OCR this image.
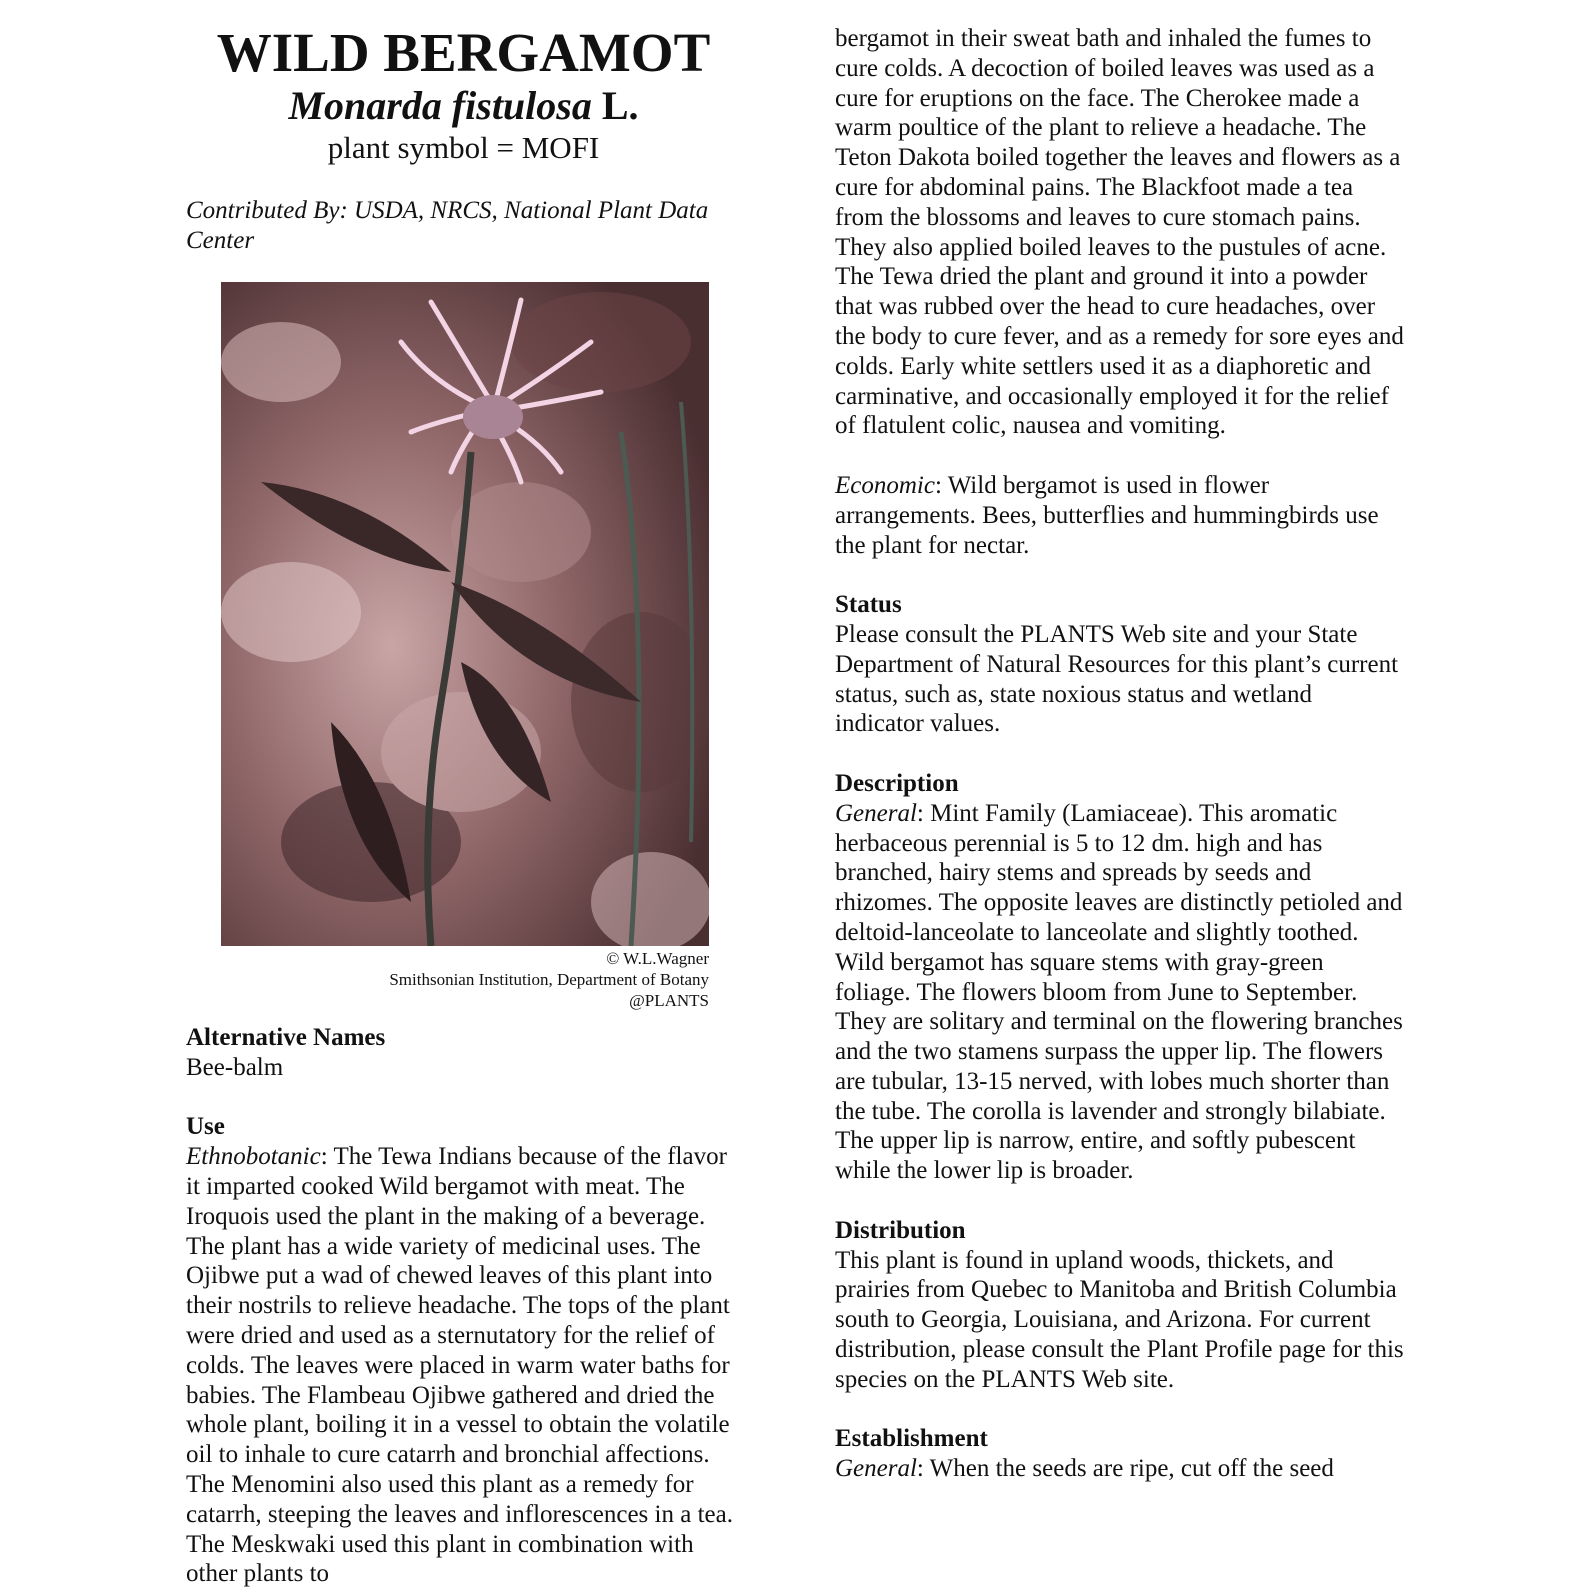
WILD BERGAMOT
Monarda fistulosa L.
plant symbol = MOFI
Contributed By: USDA, NRCS, National Plant Data Center
© W.L.Wagner
Smithsonian Institution, Department of Botany
@PLANTS
Alternative Names

Bee-balm

Use

Ethnobotanic: The Tewa Indians because of the flavor it imparted cooked Wild bergamot with meat. The Iroquois used the plant in the making of a beverage. The plant has a wide variety of medicinal uses. The Ojibwe put a wad of chewed leaves of this plant into their nostrils to relieve headache. The tops of the plant were dried and used as a sternutatory for the relief of colds. The leaves were placed in warm water baths for babies. The Flambeau Ojibwe gathered and dried the whole plant, boiling it in a vessel to obtain the volatile oil to inhale to cure catarrh and bronchial affections. The Menomini also used this plant as a remedy for catarrh, steeping the leaves and inflorescences in a tea. The Meskwaki used this plant in combination with other plants to

bergamot in their sweat bath and inhaled the fumes to cure colds. A decoction of boiled leaves was used as a cure for eruptions on the face. The Cherokee made a warm poultice of the plant to relieve a headache. The Teton Dakota boiled together the leaves and flowers as a cure for abdominal pains. The Blackfoot made a tea from the blossoms and leaves to cure stomach pains. They also applied boiled leaves to the pustules of acne. The Tewa dried the plant and ground it into a powder that was rubbed over the head to cure headaches, over the body to cure fever, and as a remedy for sore eyes and colds. Early white settlers used it as a diaphoretic and carminative, and occasionally employed it for the relief of flatulent colic, nausea and vomiting.

Economic: Wild bergamot is used in flower arrangements. Bees, butterflies and hummingbirds use the plant for nectar.

Status

Please consult the PLANTS Web site and your State Department of Natural Resources for this plant’s current status, such as, state noxious status and wetland indicator values.

Description

General: Mint Family (Lamiaceae). This aromatic herbaceous perennial is 5 to 12 dm. high and has branched, hairy stems and spreads by seeds and rhizomes. The opposite leaves are distinctly petioled and deltoid-lanceolate to lanceolate and slightly toothed. Wild bergamot has square stems with gray-green foliage. The flowers bloom from June to September. They are solitary and terminal on the flowering branches and the two stamens surpass the upper lip. The flowers are tubular, 13-15 nerved, with lobes much shorter than the tube. The corolla is lavender and strongly bilabiate. The upper lip is narrow, entire, and softly pubescent while the lower lip is broader.

Distribution

This plant is found in upland woods, thickets, and prairies from Quebec to Manitoba and British Columbia south to Georgia, Louisiana, and Arizona. For current distribution, please consult the Plant Profile page for this species on the PLANTS Web site.

Establishment

General: When the seeds are ripe, cut off the seed
